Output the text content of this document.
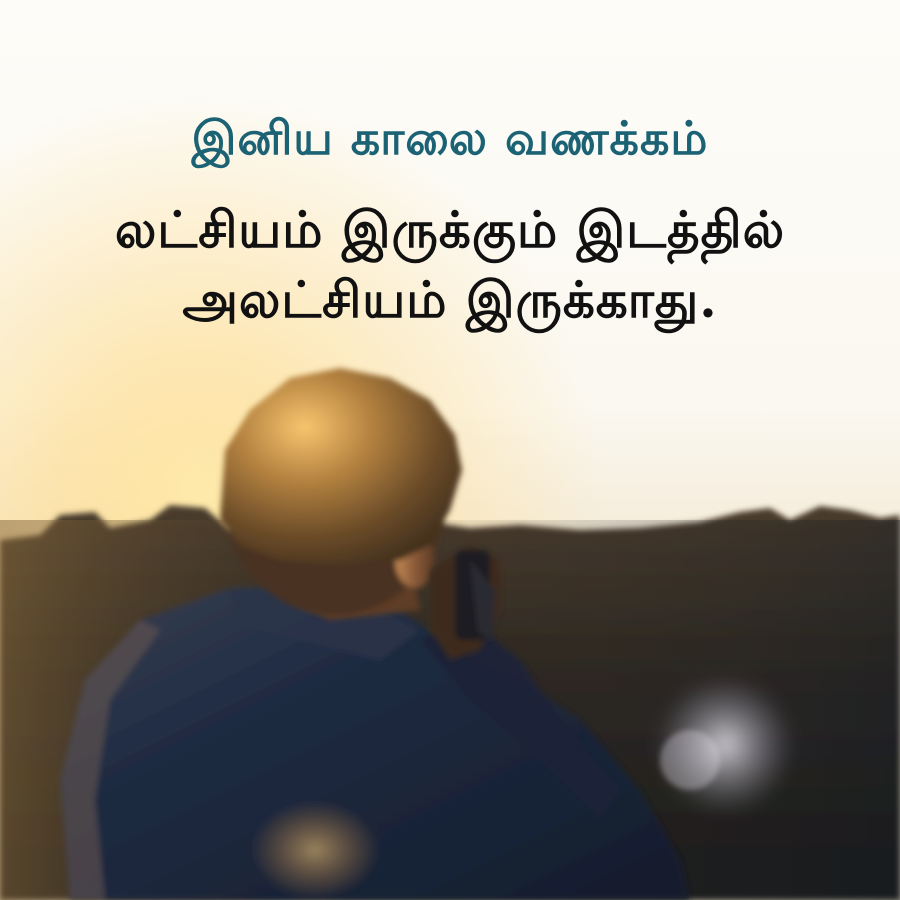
இனிய காலை வணக்கம்
லட்சியம் இருக்கும் இடத்தில்
அலட்சியம் இருக்காது.
